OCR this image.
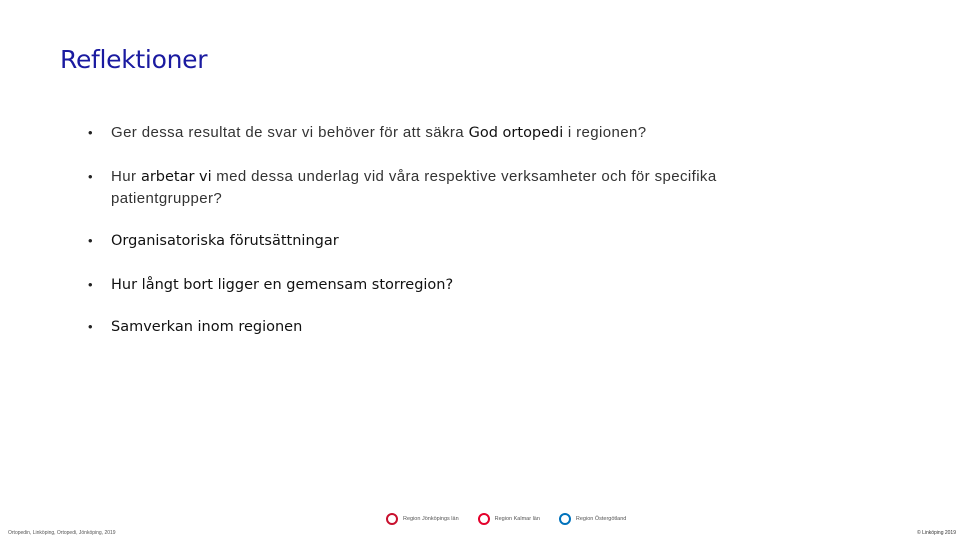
Reflektioner
•	Ger dessa resultat de svar vi behöver för att säkra God ortopedi i regionen?
•	Hur arbetar vi med dessa underlag vid våra respektive verksamheter och för specifika patientgrupper?
•	Organisatoriska förutsättningar
•	Hur långt bort ligger en gemensam storregion?
•	Samverkan inom regionen
Region Jönköpings län	Region Kalmar län	Region Östergötland
Ortopedin, Linköping, Ortopedi, Jönköping, 2019	© Linköping 2019
